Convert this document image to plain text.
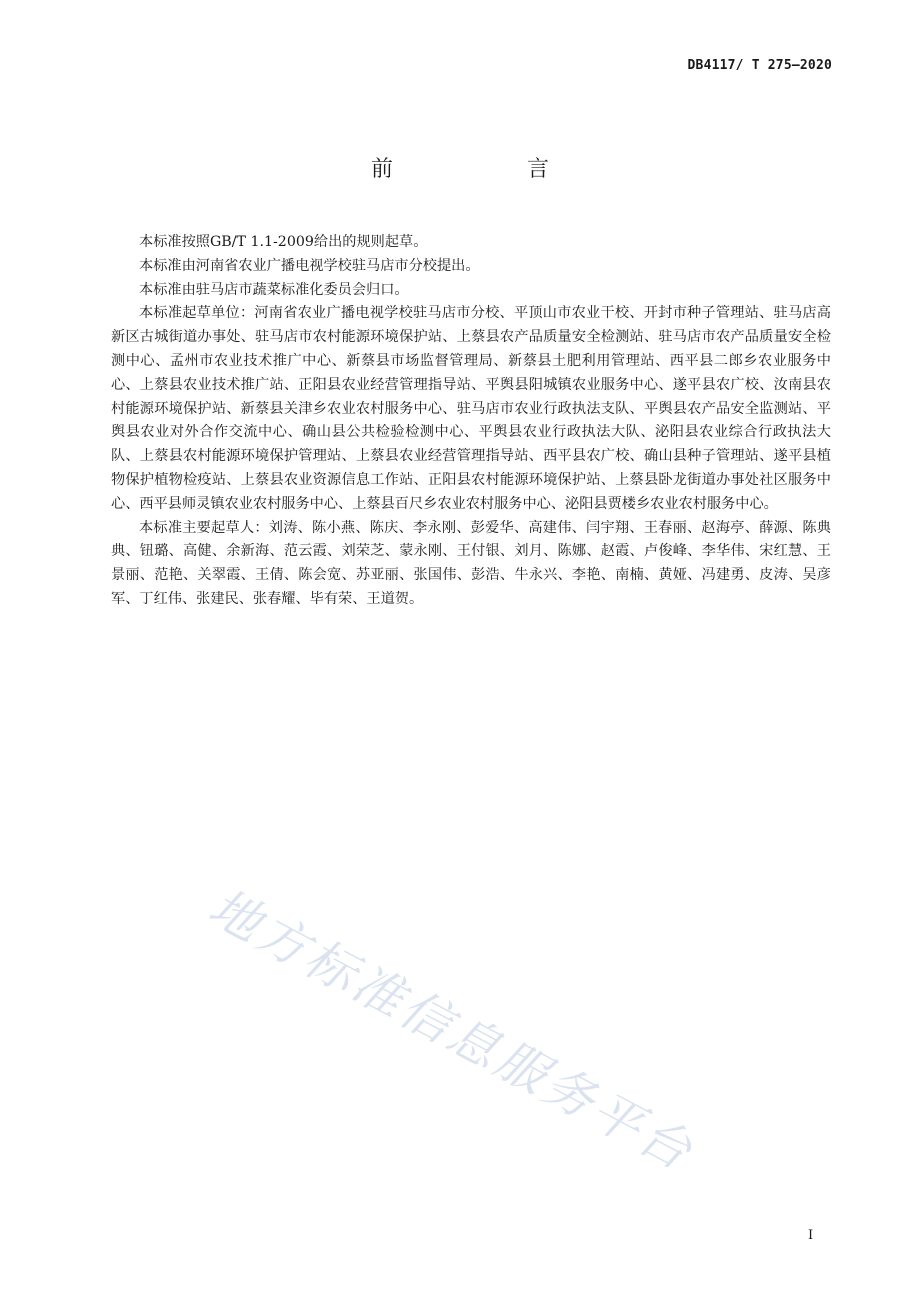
DB4117/ T 275—2020
前　　言

本标准按照GB/T 1.1-2009给出的规则起草。

本标准由河南省农业广播电视学校驻马店市分校提出。

本标准由驻马店市蔬菜标准化委员会归口。

本标准起草单位：河南省农业广播电视学校驻马店市分校、平顶山市农业干校、开封市种子管理站、驻马店高新区古城街道办事处、驻马店市农村能源环境保护站、上蔡县农产品质量安全检测站、驻马店市农产品质量安全检测中心、孟州市农业技术推广中心、新蔡县市场监督管理局、新蔡县土肥利用管理站、西平县二郎乡农业服务中心、上蔡县农业技术推广站、正阳县农业经营管理指导站、平舆县阳城镇农业服务中心、遂平县农广校、汝南县农村能源环境保护站、新蔡县关津乡农业农村服务中心、驻马店市农业行政执法支队、平舆县农产品安全监测站、平舆县农业对外合作交流中心、确山县公共检验检测中心、平舆县农业行政执法大队、泌阳县农业综合行政执法大队、上蔡县农村能源环境保护管理站、上蔡县农业经营管理指导站、西平县农广校、确山县种子管理站、遂平县植物保护植物检疫站、上蔡县农业资源信息工作站、正阳县农村能源环境保护站、上蔡县卧龙街道办事处社区服务中心、西平县师灵镇农业农村服务中心、上蔡县百尺乡农业农村服务中心、泌阳县贾楼乡农业农村服务中心。

本标准主要起草人：刘涛、陈小燕、陈庆、李永刚、彭爱华、高建伟、闫宇翔、王春丽、赵海亭、薛源、陈典典、钮璐、高健、余新海、范云霞、刘荣芝、蒙永刚、王付银、刘月、陈娜、赵霞、卢俊峰、李华伟、宋红慧、王景丽、范艳、关翠霞、王倩、陈会宽、苏亚丽、张国伟、彭浩、牛永兴、李艳、南楠、黄娅、冯建勇、皮涛、吴彦军、丁红伟、张建民、张春耀、毕有荣、王道贺。

地方标准信息服务平台
I
